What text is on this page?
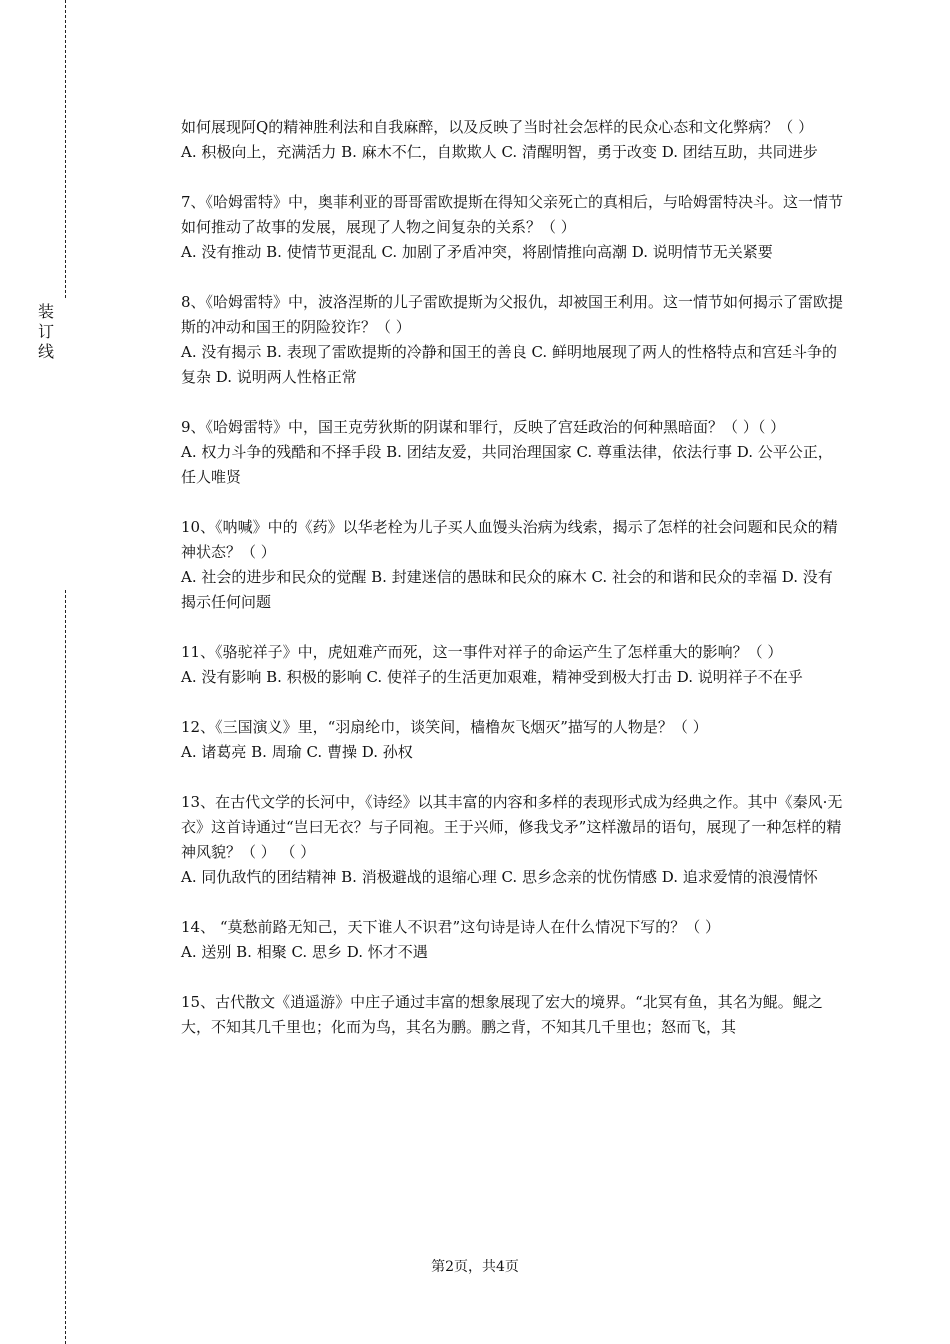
装
订
线

如何展现阿Q的精神胜利法和自我麻醉，以及反映了当时社会怎样的民众心态和文化弊病？（ ）

A. 积极向上，充满活力 B. 麻木不仁，自欺欺人 C. 清醒明智，勇于改变 D. 团结互助，共同进步

7、《哈姆雷特》中，奥菲利亚的哥哥雷欧提斯在得知父亲死亡的真相后，与哈姆雷特决斗。这一情节如何推动了故事的发展，展现了人物之间复杂的关系？（ ）

A. 没有推动 B. 使情节更混乱 C. 加剧了矛盾冲突，将剧情推向高潮 D. 说明情节无关紧要

8、《哈姆雷特》中，波洛涅斯的儿子雷欧提斯为父报仇，却被国王利用。这一情节如何揭示了雷欧提斯的冲动和国王的阴险狡诈？（ ）

A. 没有揭示 B. 表现了雷欧提斯的冷静和国王的善良 C. 鲜明地展现了两人的性格特点和宫廷斗争的复杂 D. 说明两人性格正常

9、《哈姆雷特》中，国王克劳狄斯的阴谋和罪行，反映了宫廷政治的何种黑暗面？（ ）（ ）

A. 权力斗争的残酷和不择手段 B. 团结友爱，共同治理国家 C. 尊重法律，依法行事 D. 公平公正，任人唯贤

10、《呐喊》中的《药》以华老栓为儿子买人血馒头治病为线索，揭示了怎样的社会问题和民众的精神状态？（ ）

A. 社会的进步和民众的觉醒 B. 封建迷信的愚昧和民众的麻木 C. 社会的和谐和民众的幸福 D. 没有揭示任何问题

11、《骆驼祥子》中，虎妞难产而死，这一事件对祥子的命运产生了怎样重大的影响？（ ）

A. 没有影响 B. 积极的影响 C. 使祥子的生活更加艰难，精神受到极大打击 D. 说明祥子不在乎

12、《三国演义》里，“羽扇纶巾，谈笑间，樯橹灰飞烟灭”描写的人物是？（ ）

A. 诸葛亮 B. 周瑜 C. 曹操 D. 孙权

13、在古代文学的长河中，《诗经》以其丰富的内容和多样的表现形式成为经典之作。其中《秦风·无衣》这首诗通过“岂曰无衣？与子同袍。王于兴师，修我戈矛”这样激昂的语句，展现了一种怎样的精神风貌？（ ） （ ）

A. 同仇敌忾的团结精神 B. 消极避战的退缩心理 C. 思乡念亲的忧伤情感 D. 追求爱情的浪漫情怀

14、 “莫愁前路无知己，天下谁人不识君”这句诗是诗人在什么情况下写的？（ ）

A. 送别 B. 相聚 C. 思乡 D. 怀才不遇

15、古代散文《逍遥游》中庄子通过丰富的想象展现了宏大的境界。“北冥有鱼，其名为鲲。鲲之大，不知其几千里也；化而为鸟，其名为鹏。鹏之背，不知其几千里也；怒而飞，其

第2页，共4页
